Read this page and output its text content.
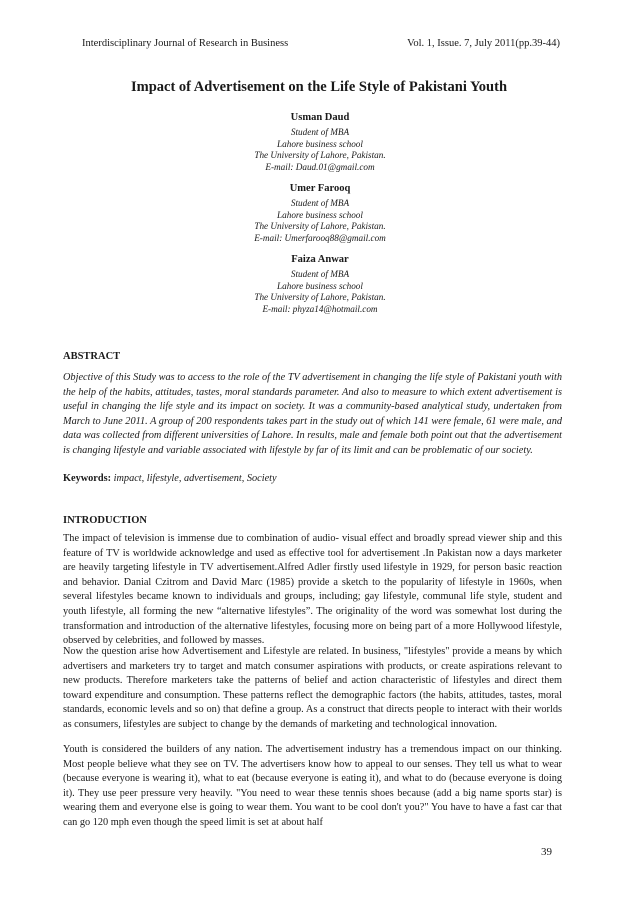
Interdisciplinary Journal of Research in Business	Vol. 1, Issue. 7, July 2011(pp.39-44)
Impact of Advertisement on the Life Style of Pakistani Youth
Usman Daud
Student of MBA
Lahore business school
The University of Lahore, Pakistan.
E-mail: Daud.01@gmail.com
Umer Farooq
Student of MBA
Lahore business school
The University of Lahore, Pakistan.
E-mail: Umerfarooq88@gmail.com
Faiza Anwar
Student of MBA
Lahore business school
The University of Lahore, Pakistan.
E-mail: phyza14@hotmail.com
ABSTRACT

Objective of this Study was to access to the role of the TV advertisement in changing the life style of Pakistani youth with the help of the habits, attitudes, tastes, moral standards parameter. And also to measure to which extent advertisement is useful in changing the life style and its impact on society. It was a community-based analytical study, undertaken from March to June 2011. A group of 200 respondents takes part in the study out of which 141 were female, 61 were male, and data was collected from different universities of Lahore. In results, male and female both point out that the advertisement is changing lifestyle and variable associated with lifestyle by far of its limit and can be problematic of our society.

Keywords: impact, lifestyle, advertisement, Society

INTRODUCTION

The impact of television is immense due to combination of audio- visual effect and broadly spread viewer ship and this feature of TV is worldwide acknowledge and used as effective tool for advertisement .In Pakistan now a days marketer are heavily targeting lifestyle in TV advertisement.Alfred Adler firstly used lifestyle in 1929, for person basic reaction and behavior. Danial Czitrom and David Marc (1985) provide a sketch to the popularity of lifestyle in 1960s, when several lifestyles became known to individuals and groups, including; gay lifestyle, communal life style, student and youth lifestyle, all forming the new “alternative lifestyles”. The originality of the word was somewhat lost during the transformation and introduction of the alternative lifestyles, focusing more on being part of a more Hollywood lifestyle, observed by celebrities, and followed by masses.

Now the question arise how Advertisement and Lifestyle are related. In business, "lifestyles" provide a means by which advertisers and marketers try to target and match consumer aspirations with products, or create aspirations relevant to new products. Therefore marketers take the patterns of belief and action characteristic of lifestyles and direct them toward expenditure and consumption. These patterns reflect the demographic factors (the habits, attitudes, tastes, moral standards, economic levels and so on) that define a group. As a construct that directs people to interact with their worlds as consumers, lifestyles are subject to change by the demands of marketing and technological innovation.

Youth is considered the builders of any nation. The advertisement industry has a tremendous impact on our thinking. Most people believe what they see on TV. The advertisers know how to appeal to our senses. They tell us what to wear (because everyone is wearing it), what to eat (because everyone is eating it), and what to do (because everyone is doing it). They use peer pressure very heavily. "You need to wear these tennis shoes because (add a big name sports star) is wearing them and everyone else is going to wear them. You want to be cool don't you?" You have to have a fast car that can go 120 mph even though the speed limit is set at about half

39
